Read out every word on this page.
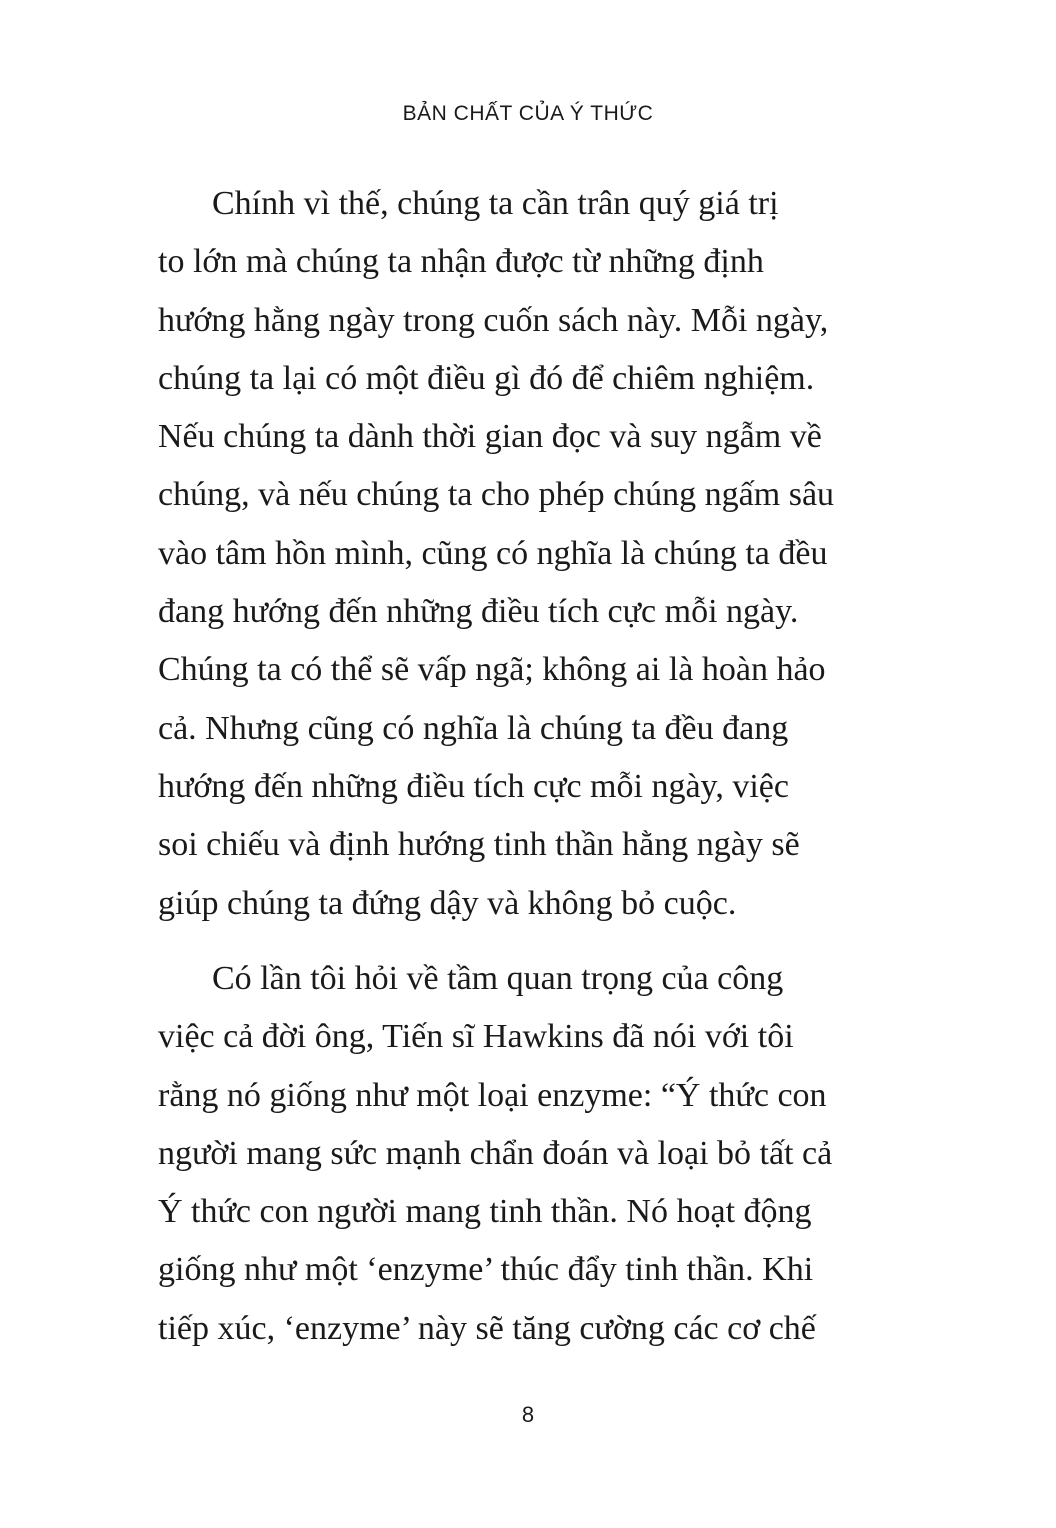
BẢN CHẤT CỦA Ý THỨC
Chính vì thế, chúng ta cần trân quý giá trị
to lớn mà chúng ta nhận được từ những định
hướng hằng ngày trong cuốn sách này. Mỗi ngày,
chúng ta lại có một điều gì đó để chiêm nghiệm.
Nếu chúng ta dành thời gian đọc và suy ngẫm về
chúng, và nếu chúng ta cho phép chúng ngấm sâu
vào tâm hồn mình, cũng có nghĩa là chúng ta đều
đang hướng đến những điều tích cực mỗi ngày.
Chúng ta có thể sẽ vấp ngã; không ai là hoàn hảo
cả. Nhưng cũng có nghĩa là chúng ta đều đang
hướng đến những điều tích cực mỗi ngày, việc
soi chiếu và định hướng tinh thần hằng ngày sẽ
giúp chúng ta đứng dậy và không bỏ cuộc.
Có lần tôi hỏi về tầm quan trọng của công
việc cả đời ông, Tiến sĩ Hawkins đã nói với tôi
rằng nó giống như một loại enzyme: “Ý thức con
người mang sức mạnh chẩn đoán và loại bỏ tất cả
Ý thức con người mang tinh thần. Nó hoạt động
giống như một ‘enzyme’ thúc đẩy tinh thần. Khi
tiếp xúc, ‘enzyme’ này sẽ tăng cường các cơ chế
8
